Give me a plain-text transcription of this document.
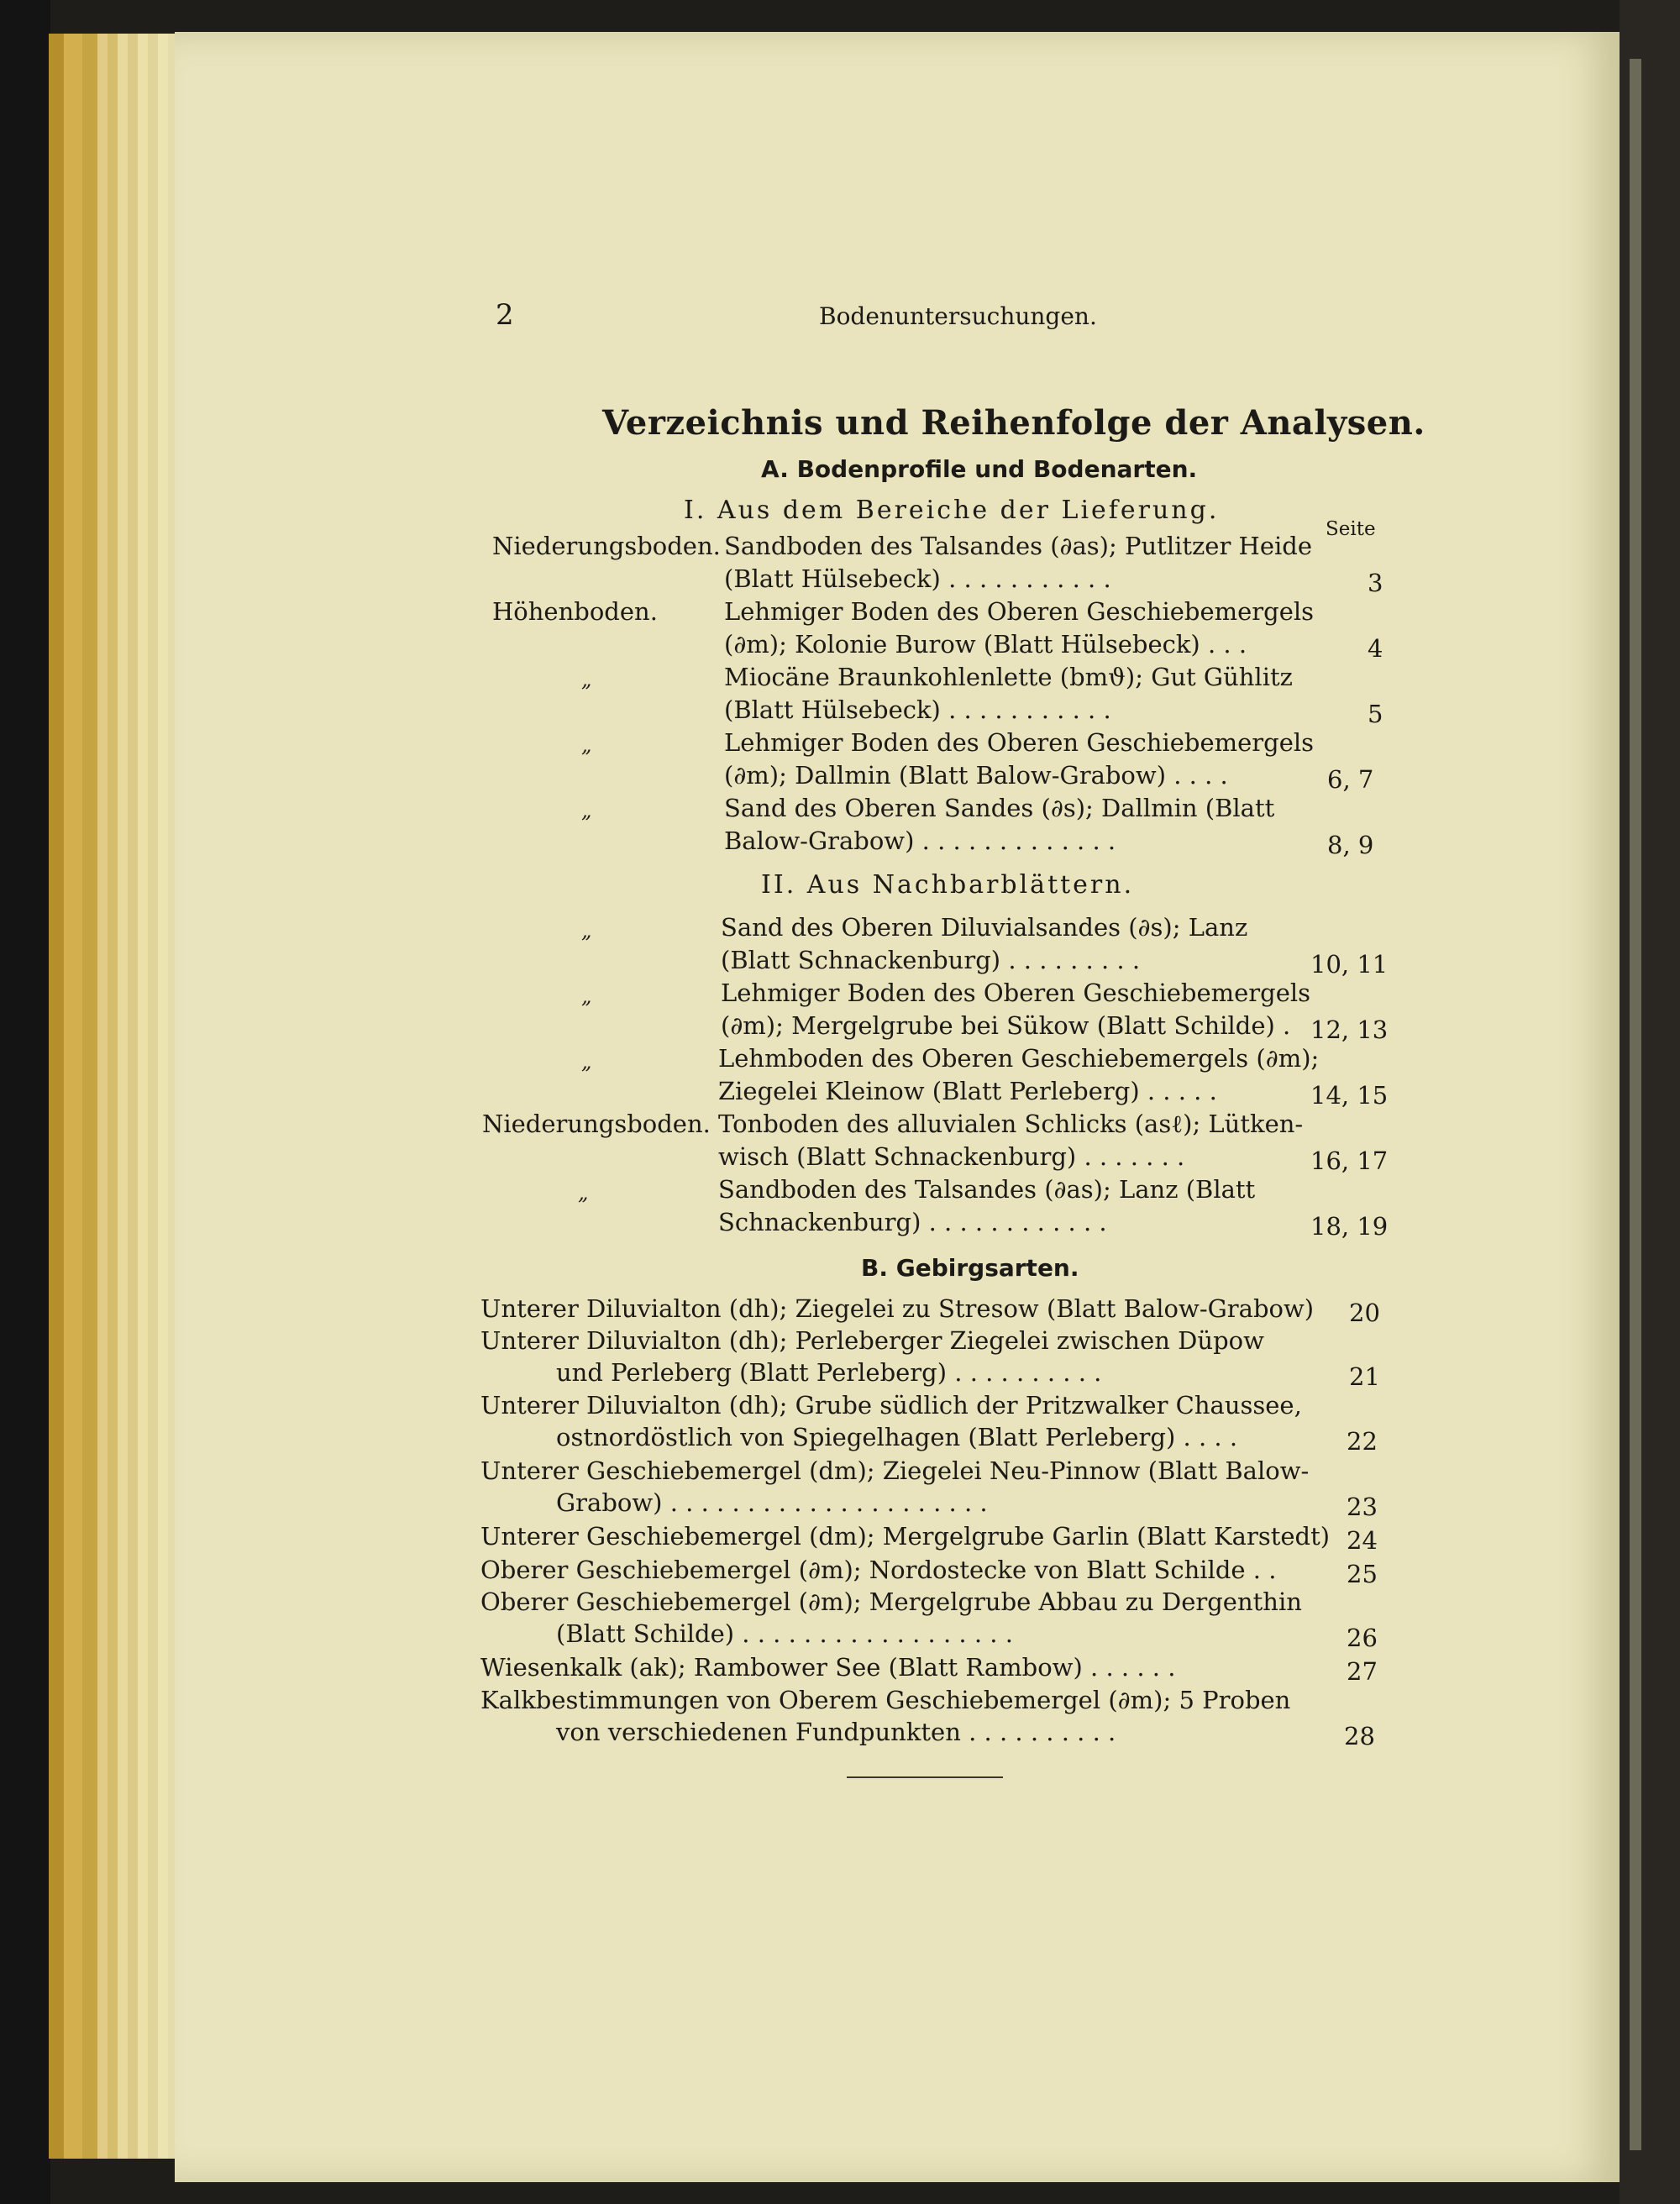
2	Bodenuntersuchungen.
Verzeichnis und Reihenfolge der Analysen.
A. Bodenprofile und Bodenarten.
I. Aus dem Bereiche der Lieferung.
Seite
Niederungsboden. Sandboden des Talsandes (∂as); Putlitzer Heide
(Blatt Hülsebeck) . . . . . . . . . . .	3
Höhenboden.	Lehmiger Boden des Oberen Geschiebemergels
(∂m); Kolonie Burow (Blatt Hülsebeck) . . .	4
„	Miocäne Braunkohlenlette (bmϑ); Gut Gühlitz
(Blatt Hülsebeck) . . . . . . . . . . .	5
„	Lehmiger Boden des Oberen Geschiebemergels
(∂m); Dallmin (Blatt Balow-Grabow) . . . .	6, 7
„	Sand des Oberen Sandes (∂s); Dallmin (Blatt
Balow-Grabow) . . . . . . . . . . . . .	8, 9
II. Aus Nachbarblättern.
„	Sand des Oberen Diluvialsandes (∂s); Lanz
(Blatt Schnackenburg) . . . . . . . . .	10, 11
„	Lehmiger Boden des Oberen Geschiebemergels
(∂m); Mergelgrube bei Sükow (Blatt Schilde) . 12, 13
„	Lehmboden des Oberen Geschiebemergels (∂m);
Ziegelei Kleinow (Blatt Perleberg) . . . . .	14, 15
Niederungsboden. Tonboden des alluvialen Schlicks (asℓ); Lütken-
wisch (Blatt Schnackenburg) . . . . . . .	16, 17
„	Sandboden des Talsandes (∂as); Lanz (Blatt
Schnackenburg) . . . . . . . . . . . .	18, 19
B. Gebirgsarten.
Unterer Diluvialton (dh); Ziegelei zu Stresow (Blatt Balow-Grabow) 20
Unterer Diluvialton (dh); Perleberger Ziegelei zwischen Düpow
und Perleberg (Blatt Perleberg) . . . . . . . . . .	21
Unterer Diluvialton (dh); Grube südlich der Pritzwalker Chaussee,
ostnordöstlich von Spiegelhagen (Blatt Perleberg) . . . .	22
Unterer Geschiebemergel (dm); Ziegelei Neu-Pinnow (Blatt Balow-
Grabow) . . . . . . . . . . . . . . . . . . . . .	23
Unterer Geschiebemergel (dm); Mergelgrube Garlin (Blatt Karstedt) 24
Oberer Geschiebemergel (∂m); Nordostecke von Blatt Schilde . .	25
Oberer Geschiebemergel (∂m); Mergelgrube Abbau zu Dergenthin
(Blatt Schilde) . . . . . . . . . . . . . . . . . .	26
Wiesenkalk (ak); Rambower See (Blatt Rambow) . . . . . .	27
Kalkbestimmungen von Oberem Geschiebemergel (∂m); 5 Proben
von verschiedenen Fundpunkten . . . . . . . . . .	28
